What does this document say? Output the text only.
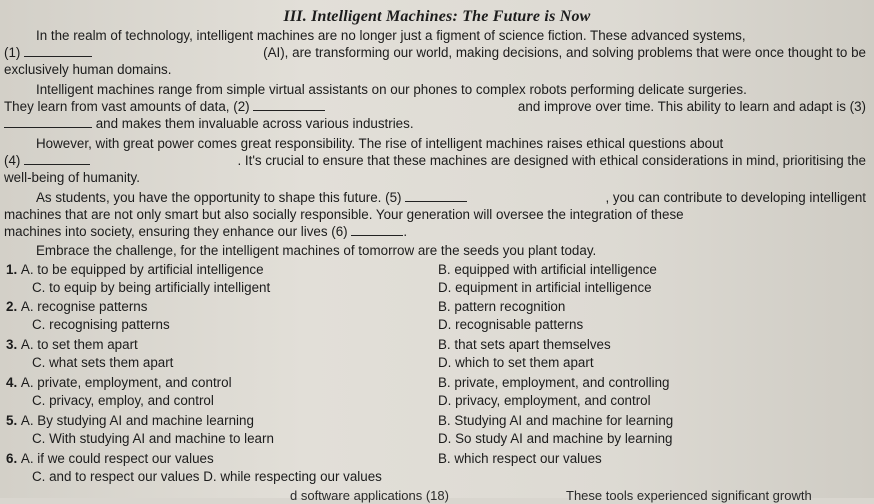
III. Intelligent Machines: The Future is Now
In the realm of technology, intelligent machines are no longer just a figment of science fiction. These advanced systems,
(1)	(AI), are transforming our world, making decisions, and solving problems that were once thought to be
exclusively human domains.
Intelligent machines range from simple virtual assistants on our phones to complex robots performing delicate surgeries.
They learn from vast amounts of data, (2)	and improve over time. This ability to learn and adapt is (3)
and makes them invaluable across various industries.
However, with great power comes great responsibility. The rise of intelligent machines raises ethical questions about
(4)	. It's crucial to ensure that these machines are designed with ethical considerations in mind, prioritising the
well-being of humanity.
As students, you have the opportunity to shape this future. (5)	, you can contribute to developing intelligent
machines that are not only smart but also socially responsible. Your generation will oversee the integration of these
machines into society, ensuring they enhance our lives (6)	.
Embrace the challenge, for the intelligent machines of tomorrow are the seeds you plant today.
1. A. to be equipped by artificial intelligence	B. equipped with artificial intelligence
C. to equip by being artificially intelligent	D. equipment in artificial intelligence
2. A. recognise patterns	B. pattern recognition
C. recognising patterns	D. recognisable patterns
3. A. to set them apart	B. that sets apart themselves
C. what sets them apart	D. which to set them apart
4. A. private, employment, and control	B. private, employment, and controlling
C. privacy, employ, and control	D. privacy, employment, and control
5. A. By studying AI and machine learning	B. Studying AI and machine for learning
C. With studying AI and machine to learn	D. So study AI and machine by learning
6. A. if we could respect our values	B. which respect our values
C. and to respect our values D. while respecting our values
d software applications (18)	These tools experienced significant growth
